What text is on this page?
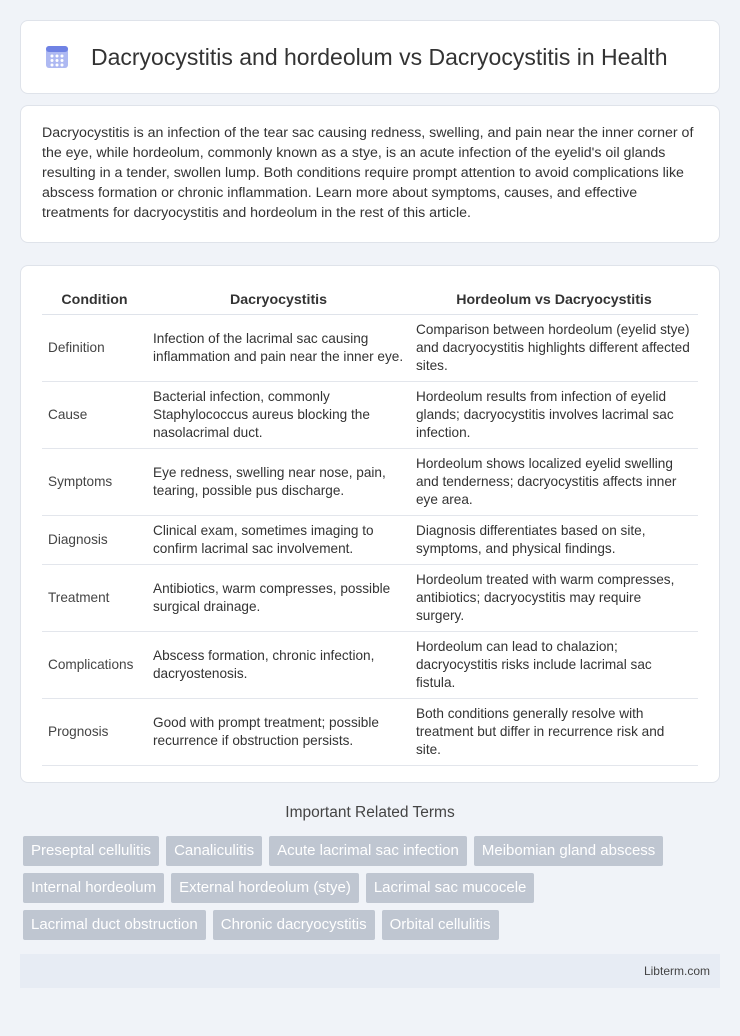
Dacryocystitis and hordeolum vs Dacryocystitis in Health

Dacryocystitis is an infection of the tear sac causing redness, swelling, and pain near the inner corner of the eye, while hordeolum, commonly known as a stye, is an acute infection of the eyelid's oil glands resulting in a tender, swollen lump. Both conditions require prompt attention to avoid complications like abscess formation or chronic inflammation. Learn more about symptoms, causes, and effective treatments for dacryocystitis and hordeolum in the rest of this article.

Condition	Dacryocystitis	Hordeolum vs Dacryocystitis
Definition	Infection of the lacrimal sac causing inflammation and pain near the inner eye.	Comparison between hordeolum (eyelid stye) and dacryocystitis highlights different affected sites.
Cause	Bacterial infection, commonly Staphylococcus aureus blocking the nasolacrimal duct.	Hordeolum results from infection of eyelid glands; dacryocystitis involves lacrimal sac infection.
Symptoms	Eye redness, swelling near nose, pain, tearing, possible pus discharge.	Hordeolum shows localized eyelid swelling and tenderness; dacryocystitis affects inner eye area.
Diagnosis	Clinical exam, sometimes imaging to confirm lacrimal sac involvement.	Diagnosis differentiates based on site, symptoms, and physical findings.
Treatment	Antibiotics, warm compresses, possible surgical drainage.	Hordeolum treated with warm compresses, antibiotics; dacryocystitis may require surgery.
Complications	Abscess formation, chronic infection, dacryostenosis.	Hordeolum can lead to chalazion; dacryocystitis risks include lacrimal sac fistula.
Prognosis	Good with prompt treatment; possible recurrence if obstruction persists.	Both conditions generally resolve with treatment but differ in recurrence risk and site.
Important Related Terms
Preseptal cellulitis	Canaliculitis	Acute lacrimal sac infection	Meibomian gland abscess
Internal hordeolum	External hordeolum (stye)	Lacrimal sac mucocele
Lacrimal duct obstruction	Chronic dacryocystitis	Orbital cellulitis
Libterm.com
